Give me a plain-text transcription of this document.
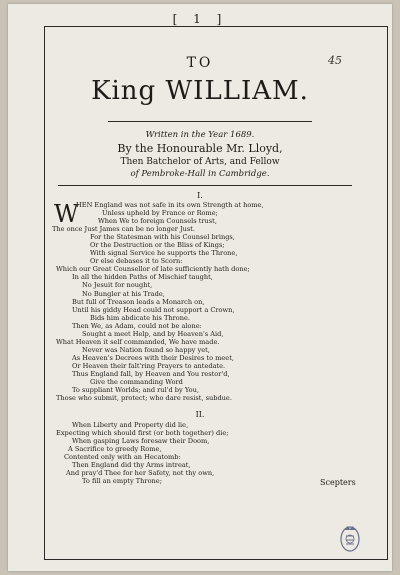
[ 1 ]
45
TO
King WILLIAM.
Written in the Year 1689.
By the Honourable Mr. Lloyd,
Then Batchelor of Arts, and Fellow
of Pembroke-Hall in Cambridge.
I.
W
HEN England was not safe in its own Strength at home,
Unless upheld by France or Rome;
When We to foreign Counsels trust,
The once Just James can be no longer Just.
For the Statesman with his Counsel brings,
Or the Destruction or the Bliss of Kings;
With signal Service he supports the Throne,
Or else debases it to Scorn:
Which our Great Counsellor of late sufficiently hath done;
In all the hidden Paths of Mischief taught,
No Jesuit for nought,
No Bungler at his Trade,
But full of Treason leads a Monarch on,
Until his giddy Head could not support a Crown,
Bids him abdicate his Throne.
Then We, as Adam, could not be alone:
Sought a meet Help, and by Heaven's Aid,
What Heaven it self commanded, We have made.
Never was Nation found so happy yet,
As Heaven's Decrees with their Desires to meet,
Or Heaven their falt'ring Prayers to antedate.
Thus England fall, by Heaven and You restor'd,
Give the commanding Word
To suppliant Worlds; and rul'd by You,
Those who submit, protect; who dare resist, subdue.
II.
When Liberty and Property did lie,
Expecting which should first (or both together) die;
When gasping Laws foresaw their Doom,
A Sacrifice to greedy Rome,
Contented only with an Hecatomb:
Then England did thy Arms intreat,
And pray'd Thee for her Safety, not thy own,
To fill an empty Throne;	Scepters
